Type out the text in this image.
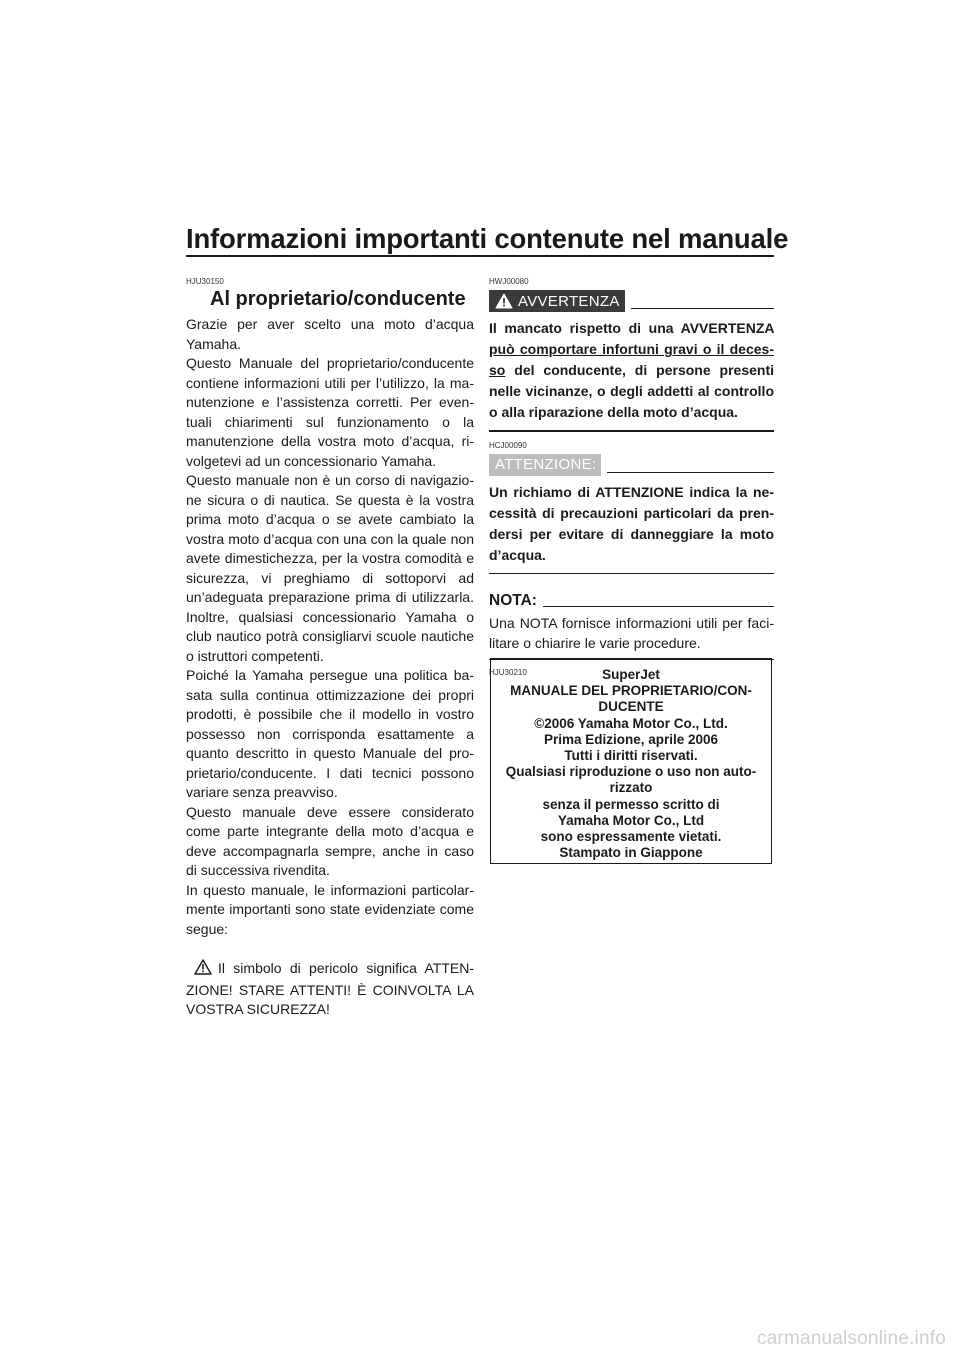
Informazioni importanti contenute nel manuale
HJU30150
Al proprietario/conducente

Grazie per aver scelto una moto d’acqua Yamaha.

Questo Manuale del proprietario/conducente contiene informazioni utili per l’utilizzo, la ma-nutenzione e l’assistenza corretti. Per even-tuali chiarimenti sul funzionamento o la manutenzione della vostra moto d’acqua, ri-volgetevi ad un concessionario Yamaha.

Questo manuale non è un corso di navigazio-ne sicura o di nautica. Se questa è la vostra prima moto d’acqua o se avete cambiato la vostra moto d’acqua con una con la quale non avete dimestichezza, per la vostra comodità e sicurezza, vi preghiamo di sottoporvi ad un’adeguata preparazione prima di utilizzarla. Inoltre, qualsiasi concessionario Yamaha o club nautico potrà consigliarvi scuole nautiche o istruttori competenti.

Poiché la Yamaha persegue una politica ba-sata sulla continua ottimizzazione dei propri prodotti, è possibile che il modello in vostro possesso non corrisponda esattamente a quanto descritto in questo Manuale del pro-prietario/conducente. I dati tecnici possono variare senza preavviso.

Questo manuale deve essere considerato come parte integrante della moto d’acqua e deve accompagnarla sempre, anche in caso di successiva rivendita.

In questo manuale, le informazioni particolar-mente importanti sono state evidenziate come segue:

Il simbolo di pericolo significa ATTEN-ZIONE! STARE ATTENTI! È COINVOLTA LA VOSTRA SICUREZZA!

HWJ00080
AVVERTENZA

Il mancato rispetto di una AVVERTENZA può comportare infortuni gravi o il deces-so del conducente, di persone presenti nelle vicinanze, o degli addetti al controllo o alla riparazione della moto d’acqua.

HCJ00090
ATTENZIONE:

Un richiamo di ATTENZIONE indica la ne-cessità di precauzioni particolari da pren-dersi per evitare di danneggiare la moto d’acqua.

NOTA:

Una NOTA fornisce informazioni utili per faci-litare o chiarire le varie procedure.

HJU30210	SuperJet
MANUALE DEL PROPRIETARIO/CON-
DUCENTE
©2006 Yamaha Motor Co., Ltd.
Prima Edizione, aprile 2006
Tutti i diritti riservati.
Qualsiasi riproduzione o uso non auto-
rizzato
senza il permesso scritto di
Yamaha Motor Co., Ltd
sono espressamente vietati.
Stampato in Giappone
carmanualsonline.info
